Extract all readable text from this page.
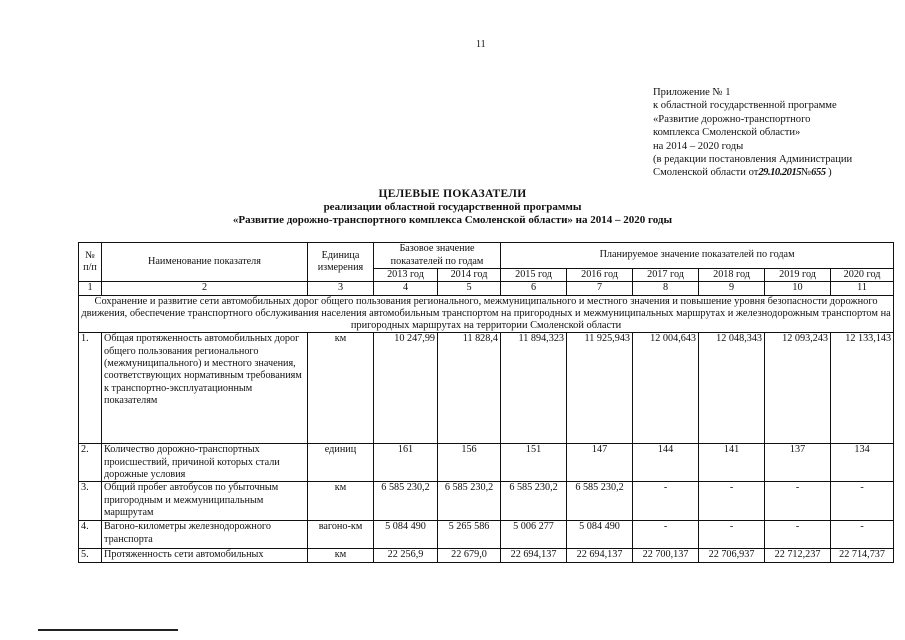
11
Приложение № 1
к областной государственной программе
«Развитие дорожно-транспортного
комплекса Смоленской области»
на 2014 – 2020 годы
(в редакции постановления Администрации
Смоленской области от29.10.2015№655 )
ЦЕЛЕВЫЕ ПОКАЗАТЕЛИ
реализации областной государственной программы
«Развитие дорожно-транспортного комплекса Смоленской области» на 2014 – 2020 годы
№ п/п	Наименование показателя	Единица измерения	Базовое значение показателей по годам		Планируемое значение показателей по годам					
			2013 год	2014 год	2015 год	2016 год	2017 год	2018 год	2019 год	2020 год
1	2	3	4	5	6	7	8	9	10	11
Сохранение и развитие сети автомобильных дорог общего пользования регионального, межмуниципального и местного значения и повышение уровня безопасности дорожного движения, обеспечение транспортного обслуживания населения автомобильным транспортом на пригородных и межмуниципальных маршрутах и железнодорожным транспортом на пригородных маршрутах на территории Смоленской области										
1.	Общая протяженность автомобильных дорог общего пользования регионального (межмуниципального) и местного значения, соответствующих нормативным требованиям к транспортно-эксплуатационным показателям	км	10 247,99	11 828,4	11 894,323	11 925,943	12 004,643	12 048,343	12 093,243	12 133,143
2.	Количество дорожно-транспортных происшествий, причиной которых стали дорожные условия	единиц	161	156	151	147	144	141	137	134
3.	Общий пробег автобусов по убыточным пригородным и межмуниципальным маршрутам	км	6 585 230,2	6 585 230,2	6 585 230,2	6 585 230,2	-	-	-	-
4.	Вагоно-километры железнодорожного транспорта	вагоно-км	5 084 490	5 265 586	5 006 277	5 084 490	-	-	-	-
5.	Протяженность сети автомобильных	км	22 256,9	22 679,0	22 694,137	22 694,137	22 700,137	22 706,937	22 712,237	22 714,737
